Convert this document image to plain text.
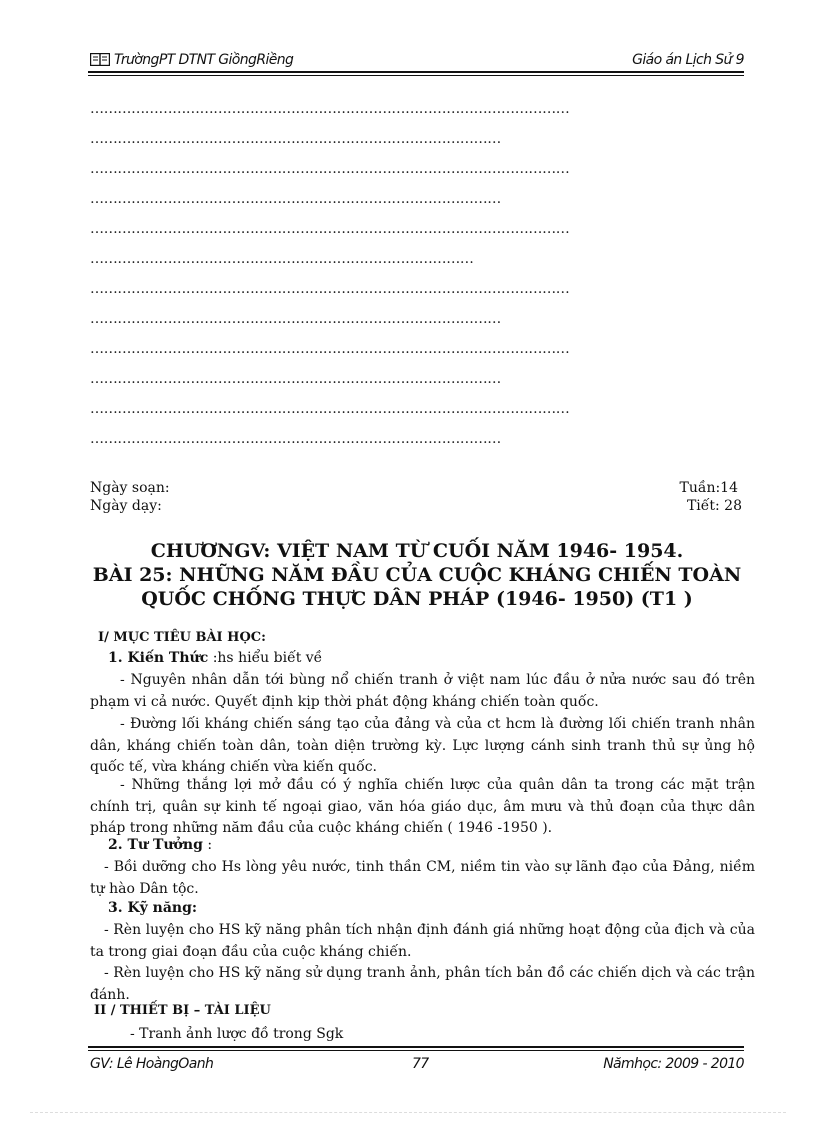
TrườngPT DTNT GiồngRiềng	Giáo án Lịch Sử 9
……………………………………………………………………………………………
………………………………………………………………………………
……………………………………………………………………………………………
………………………………………………………………………………
……………………………………………………………………………………………
…………………………………………………………………………
……………………………………………………………………………………………
………………………………………………………………………………
……………………………………………………………………………………………
………………………………………………………………………………
……………………………………………………………………………………………
………………………………………………………………………………
Ngày soạn:
Ngày dạy:
Tuần:14
Tiết: 28
CHƯƠNGV: VIỆT NAM TỪ CUỐI NĂM 1946- 1954.
BÀI 25: NHỮNG NĂM ĐẦU CỦA CUỘC KHÁNG CHIẾN TOÀN
QUỐC CHỐNG THỰC DÂN PHÁP (1946- 1950) (T1 )
I/ MỤC TIÊU BÀI HỌC:
1. Kiến Thức :hs hiểu biết về

- Nguyên nhân dẫn tới bùng nổ chiến tranh ở việt nam lúc đầu ở nửa nước sau đó trên phạm vi cả nước. Quyết định kịp thời phát động kháng chiến toàn quốc.

- Đường lối kháng chiến sáng tạo của đảng và của ct hcm là đường lối chiến tranh nhân dân, kháng chiến toàn dân, toàn diện trường kỳ. Lực lượng cánh sinh tranh thủ sự ủng hộ quốc tế, vừa kháng chiến vừa kiến quốc.

- Những thắng lợi mở đầu có ý nghĩa chiến lược của quân dân ta trong các mặt trận chính trị, quân sự kinh tế ngoại giao, văn hóa giáo dục, âm mưu và thủ đoạn của thực dân pháp trong những năm đầu của cuộc kháng chiến ( 1946 -1950 ).

2. Tư Tưởng :

- Bồi dưỡng cho Hs lòng yêu nước, tinh thần CM, niềm tin vào sự lãnh đạo của Đảng, niềm tự hào Dân tộc.

3. Kỹ năng:

- Rèn luyện cho HS kỹ năng phân tích nhận định đánh giá những hoạt động của địch và của ta trong giai đoạn đầu của cuộc kháng chiến.

- Rèn luyện cho HS kỹ năng sử dụng tranh ảnh, phân tích bản đồ các chiến dịch và các trận đánh.

II / THIẾT BỊ – TÀI LIỆU
- Tranh ảnh lược đồ trong Sgk
GV: Lê HoàngOanh	77	Nămhọc: 2009 - 2010
